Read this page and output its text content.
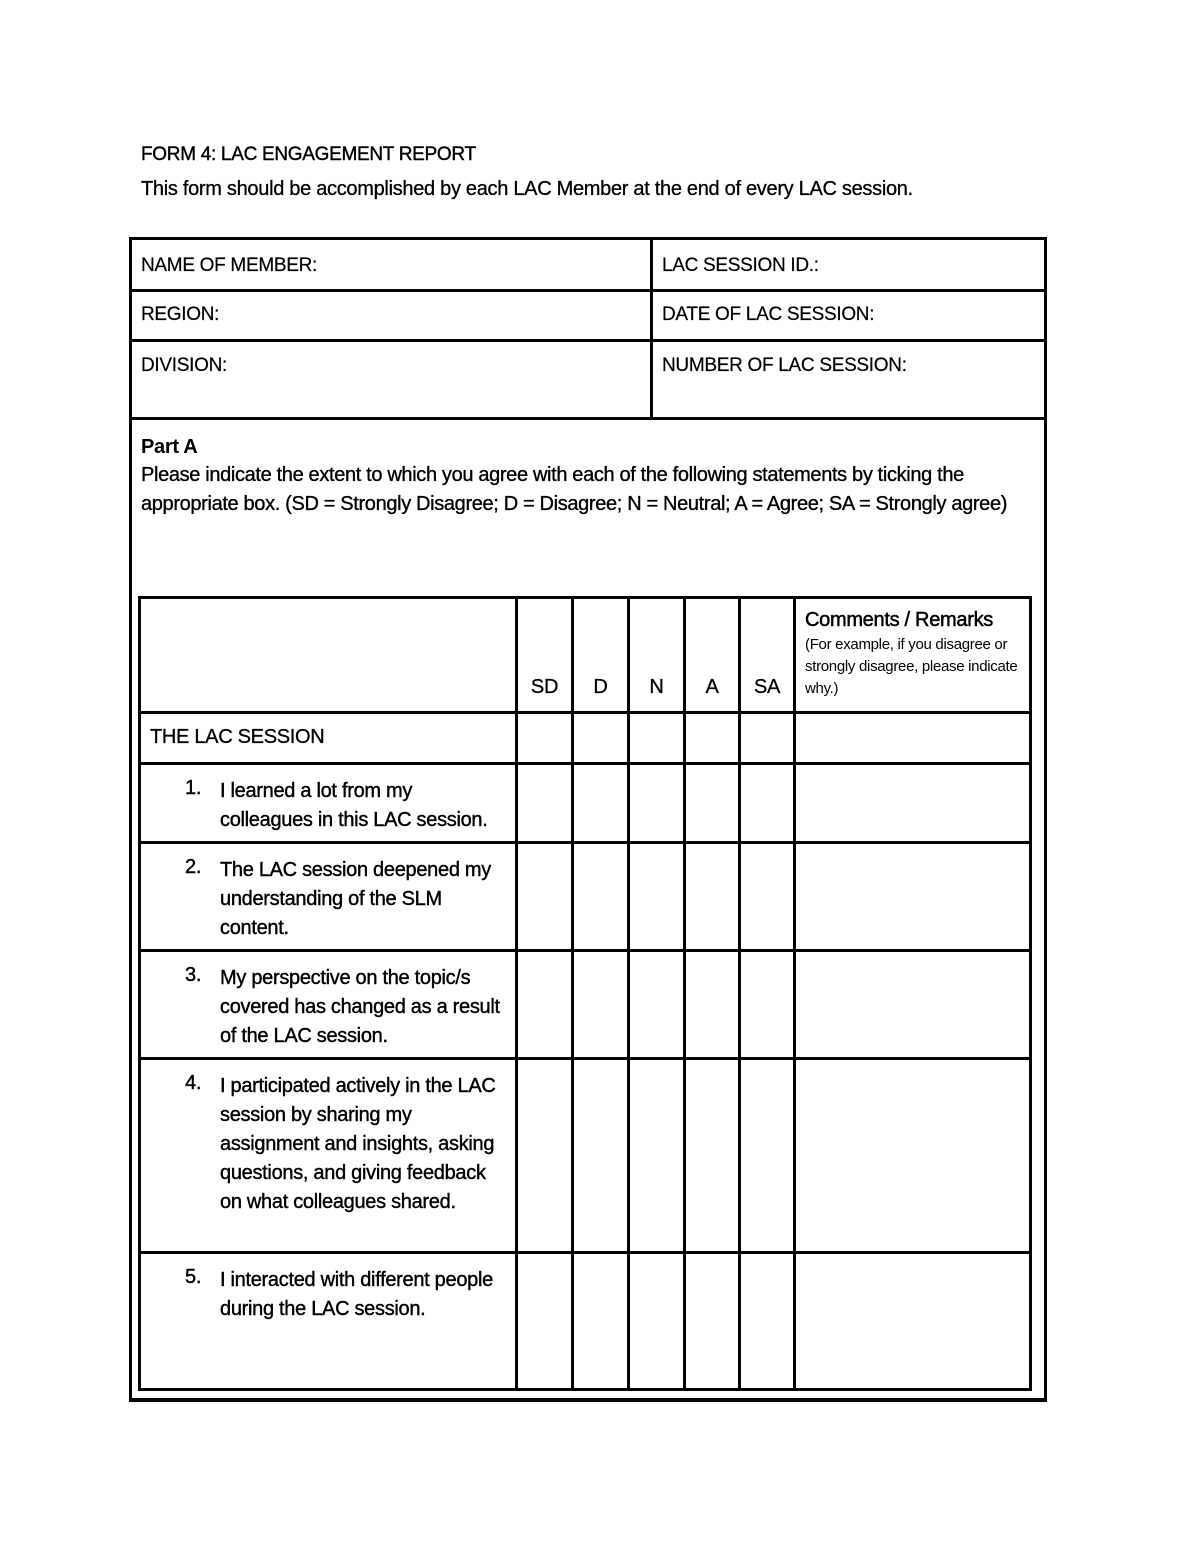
FORM 4: LAC ENGAGEMENT REPORT
This form should be accomplished by each LAC Member at the end of every LAC session.
NAME OF MEMBER:	LAC SESSION ID.:
REGION:	DATE OF LAC SESSION:
DIVISION:	NUMBER OF LAC SESSION:
Part A
Please indicate the extent to which you agree with each of the following statements by ticking the appropriate box. (SD = Strongly Disagree; D = Disagree; N = Neutral; A = Agree; SA = Strongly agree)

	SD	D	N	A	SA	Comments / Remarks
(For example, if you disagree or strongly disagree, please indicate why.)

THE LAC SESSION						

1. I learned a lot from my colleagues in this LAC session.						

2. The LAC session deepened my understanding of the SLM content.						

3. My perspective on the topic/s covered has changed as a result of the LAC session.						

4. I participated actively in the LAC session by sharing my assignment and insights, asking questions, and giving feedback on what colleagues shared.						

5. I interacted with different people during the LAC session.						
